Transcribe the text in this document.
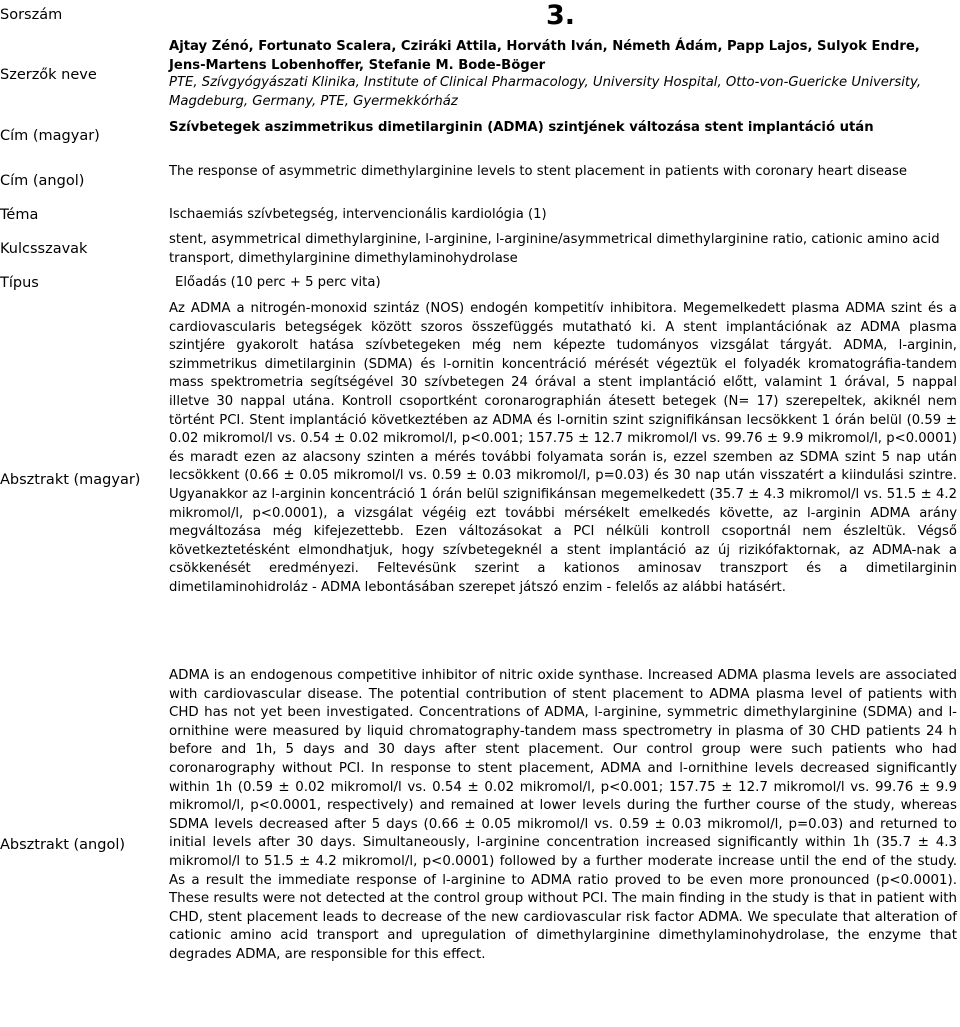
Sorszám
Szerzők neve
Cím (magyar)
Cím (angol)
Téma
Kulcsszavak
Típus
Absztrakt (magyar)
Absztrakt (angol)
3.
Ajtay Zénó, Fortunato Scalera, Cziráki Attila, Horváth Iván, Németh Ádám, Papp Lajos, Sulyok Endre, Jens-Martens Lobenhoffer, Stefanie M. Bode-Böger
PTE, Szívgyógyászati Klinika, Institute of Clinical Pharmacology, University Hospital, Otto-von-Guericke University, Magdeburg, Germany, PTE, Gyermekkórház
Szívbetegek aszimmetrikus dimetilarginin (ADMA) szintjének változása stent implantáció után
The response of asymmetric dimethylarginine levels to stent placement in patients with coronary heart disease
Ischaemiás szívbetegség, intervencionális kardiológia (1)
stent, asymmetrical dimethylarginine, l-arginine, l-arginine/asymmetrical dimethylarginine ratio, cationic amino acid transport, dimethylarginine dimethylaminohydrolase
Előadás (10 perc + 5 perc vita)
Az ADMA a nitrogén-monoxid szintáz (NOS) endogén kompetitív inhibitora. Megemelkedett plasma ADMA szint és a cardiovascularis betegségek között szoros összefüggés mutatható ki. A stent implantációnak az ADMA plasma szintjére gyakorolt hatása szívbetegeken még nem képezte tudományos vizsgálat tárgyát. ADMA, l-arginin, szimmetrikus dimetilarginin (SDMA) és l-ornitin koncentráció mérését végeztük el folyadék kromatográfia-tandem mass spektrometria segítségével 30 szívbetegen 24 órával a stent implantáció előtt, valamint 1 órával, 5 nappal illetve 30 nappal utána. Kontroll csoportként coronarographián átesett betegek (N= 17) szerepeltek, akiknél nem történt PCI. Stent implantáció következtében az ADMA és l-ornitin szint szignifikánsan lecsökkent 1 órán belül (0.59 ± 0.02 mikromol/l vs. 0.54 ± 0.02 mikromol/l, p<0.001; 157.75 ± 12.7 mikromol/l vs. 99.76 ± 9.9 mikromol/l, p<0.0001) és maradt ezen az alacsony szinten a mérés további folyamata során is, ezzel szemben az SDMA szint 5 nap után lecsökkent (0.66 ± 0.05 mikromol/l vs. 0.59 ± 0.03 mikromol/l, p=0.03) és 30 nap után visszatért a kiindulási szintre. Ugyanakkor az l-arginin koncentráció 1 órán belül szignifikánsan megemelkedett (35.7 ± 4.3 mikromol/l vs. 51.5 ± 4.2 mikromol/l, p<0.0001), a vizsgálat végéig ezt további mérsékelt emelkedés követte, az l-arginin ADMA arány megváltozása még kifejezettebb. Ezen változásokat a PCI nélküli kontroll csoportnál nem észleltük. Végső következtetésként elmondhatjuk, hogy szívbetegeknél a stent implantáció az új rizikófaktornak, az ADMA-nak a csökkenését eredményezi. Feltevésünk szerint a kationos aminosav transzport és a dimetilarginin dimetilaminohidroláz - ADMA lebontásában szerepet játszó enzim - felelős az alábbi hatásért.
ADMA is an endogenous competitive inhibitor of nitric oxide synthase. Increased ADMA plasma levels are associated with cardiovascular disease. The potential contribution of stent placement to ADMA plasma level of patients with CHD has not yet been investigated. Concentrations of ADMA, l-arginine, symmetric dimethylarginine (SDMA) and l-ornithine were measured by liquid chromatography-tandem mass spectrometry in plasma of 30 CHD patients 24 h before and 1h, 5 days and 30 days after stent placement. Our control group were such patients who had coronarography without PCI. In response to stent placement, ADMA and l-ornithine levels decreased significantly within 1h (0.59 ± 0.02 mikromol/l vs. 0.54 ± 0.02 mikromol/l, p<0.001; 157.75 ± 12.7 mikromol/l vs. 99.76 ± 9.9 mikromol/l, p<0.0001, respectively) and remained at lower levels during the further course of the study, whereas SDMA levels decreased after 5 days (0.66 ± 0.05 mikromol/l vs. 0.59 ± 0.03 mikromol/l, p=0.03) and returned to initial levels after 30 days. Simultaneously, l-arginine concentration increased significantly within 1h (35.7 ± 4.3 mikromol/l to 51.5 ± 4.2 mikromol/l, p<0.0001) followed by a further moderate increase until the end of the study. As a result the immediate response of l-arginine to ADMA ratio proved to be even more pronounced (p<0.0001). These results were not detected at the control group without PCI. The main finding in the study is that in patient with CHD, stent placement leads to decrease of the new cardiovascular risk factor ADMA. We speculate that alteration of cationic amino acid transport and upregulation of dimethylarginine dimethylaminohydrolase, the enzyme that degrades ADMA, are responsible for this effect.
